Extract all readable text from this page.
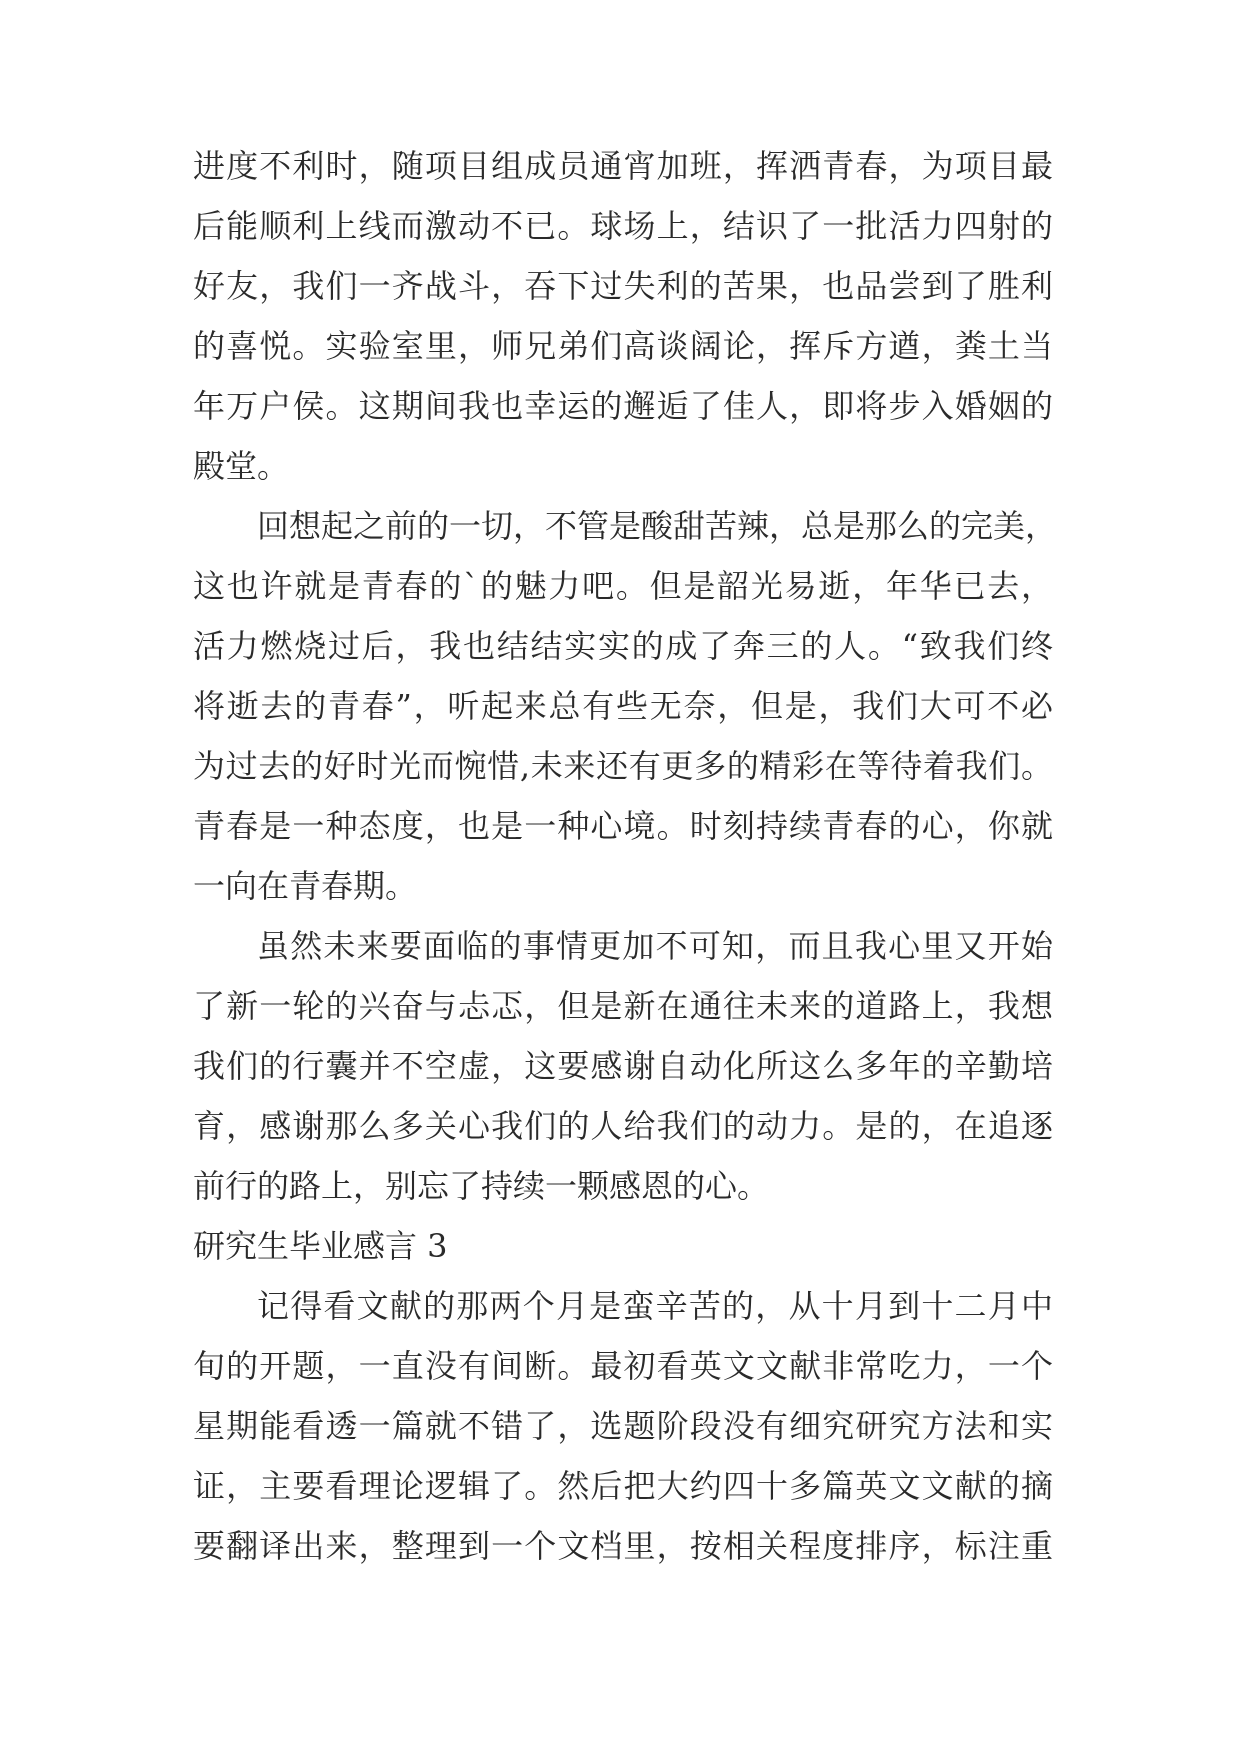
进度不利时，随项目组成员通宵加班，挥洒青春，为项目最
后能顺利上线而激动不已。球场上，结识了一批活力四射的
好友，我们一齐战斗，吞下过失利的苦果，也品尝到了胜利
的喜悦。实验室里，师兄弟们高谈阔论，挥斥方遒，粪土当
年万户侯。这期间我也幸运的邂逅了佳人，即将步入婚姻的
殿堂。
回想起之前的一切，不管是酸甜苦辣，总是那么的完美，
这也许就是青春的`的魅力吧。但是韶光易逝，年华已去，
活力燃烧过后，我也结结实实的成了奔三的人。“致我们终
将逝去的青春”，听起来总有些无奈，但是，我们大可不必
为过去的好时光而惋惜,未来还有更多的精彩在等待着我们。
青春是一种态度，也是一种心境。时刻持续青春的心，你就
一向在青春期。
虽然未来要面临的事情更加不可知，而且我心里又开始
了新一轮的兴奋与忐忑，但是新在通往未来的道路上，我想
我们的行囊并不空虚，这要感谢自动化所这么多年的辛勤培
育，感谢那么多关心我们的人给我们的动力。是的，在追逐
前行的路上，别忘了持续一颗感恩的心。
研究生毕业感言 3
记得看文献的那两个月是蛮辛苦的，从十月到十二月中
旬的开题，一直没有间断。最初看英文文献非常吃力，一个
星期能看透一篇就不错了，选题阶段没有细究研究方法和实
证，主要看理论逻辑了。然后把大约四十多篇英文文献的摘
要翻译出来，整理到一个文档里，按相关程度排序，标注重
